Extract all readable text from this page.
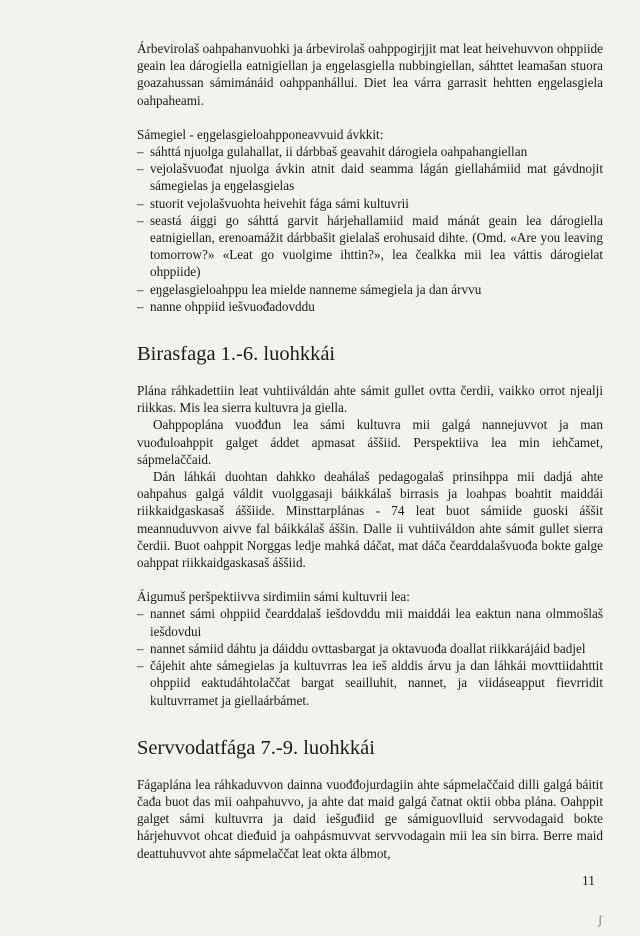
Árbevirolaš oahpahanvuohki ja árbevirolaš oahppogirjjit mat leat heivehuvvon ohppiide geain lea dárogiella eatnigiellan ja eŋgelasgiella nubbingiellan, sáhttet leamašan stuora goazahussan sámimánáid oahppanhállui. Diet lea várra garrasit hehtten eŋgelasgiela oahpaheami.

Sámegiel - eŋgelasgieloahpponeavvuid ávkkit:

– sáhttá njuolga gulahallat, ii dárbbaš geavahit dárogiela oahpahangiellan
– vejolašvuođat njuolga ávkin atnit daid seamma lágán giellahámiid mat gávdnojit sámegielas ja eŋgelasgielas
– stuorit vejolašvuohta heivehit fága sámi kultuvrii
– seastá áiggi go sáhttá garvit hárjehallamiid maid mánát geain lea dárogiella eatnigiellan, erenoamážit dárbbašit gielalaš erohusaid dihte. (Omd. «Are you leaving tomorrow?» «Leat go vuolgime ihttin?», lea čealkka mii lea váttis dárogielat ohppiide)
– eŋgelasgieloahppu lea mielde nanneme sámegiela ja dan árvvu
– nanne ohppiid iešvuođadovddu
Birasfaga 1.-6. luohkkái

Plána ráhkadettiin leat vuhtiiváldán ahte sámit gullet ovtta čerdii, vaikko orrot njealji riikkas. Mis lea sierra kultuvra ja giella.

Oahppoplána vuođđun lea sámi kultuvra mii galgá nannejuvvot ja man vuođuloahppit galget áddet apmasat áššiid. Perspektiiva lea min iehčamet, sápmelaččaid.

Dán láhkái duohtan dahkko deahálaš pedagogalaš prinsihppa mii dadjá ahte oahpahus galgá váldit vuolggasaji báikkálaš birrasis ja loahpas boahtit maiddái riikkaidgaskasaš áššiide. Minsttarplánas - 74 leat buot sámiide guoski áššit meannuduvvon aivve fal báikkálaš áššin. Dalle ii vuhtiiváldon ahte sámit gullet sierra čerdii. Buot oahppit Norggas ledje mahká dáčat, mat dáča čearddalašvuođa bokte galge oahppat riikkaidgaskasaš áššiid.

Áigumuš peršpektiivva sirdimiin sámi kultuvrii lea:

– nannet sámi ohppiid čearddalaš iešdovddu mii maiddái lea eaktun nana olmmošlaš iešdovdui
– nannet sámiid dáhtu ja dáiddu ovttasbargat ja oktavuođa doallat riikkarájáid badjel
– čájehit ahte sámegielas ja kultuvrras lea ieš alddis árvu ja dan láhkái movttiidahttit ohppiid eaktudáhtolaččat bargat seailluhit, nannet, ja viidáseapput fievrridit kultuvrramet ja giellaárbámet.
Servvodatfága 7.-9. luohkkái

Fágaplána lea ráhkaduvvon dainna vuođđojurdagiin ahte sápmelaččaid dilli galgá báitit čađa buot das mii oahpahuvvo, ja ahte dat maid galgá čatnat oktii obba plána. Oahppit galget sámi kultuvrra ja daid iešguđiid ge sámiguovlluid servvodagaid bokte hárjehuvvot ohcat dieđuid ja oahpásmuvvat servvodagain mii lea sin birra. Berre maid deattuhuvvot ahte sápmelaččat leat okta álbmot,

11
ʃ
